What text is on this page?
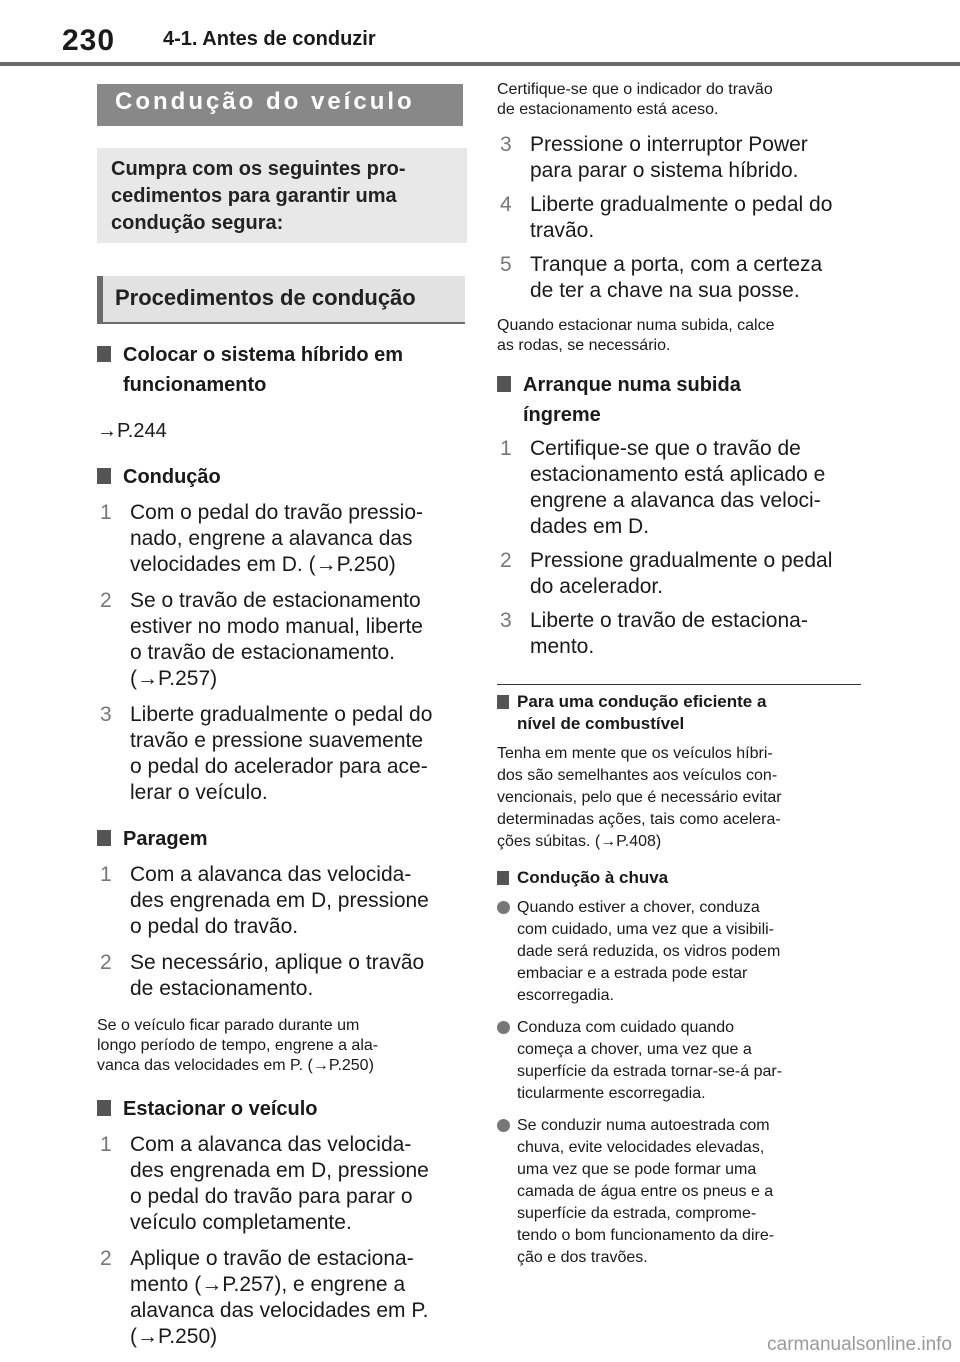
230 4-1. Antes de conduzir
Condução do veículo
Cumpra com os seguintes pro-
cedimentos para garantir uma
condução segura:
Procedimentos de condução
Colocar o sistema híbrido em
funcionamento
→P.244
Condução
1 Com o pedal do travão pressio-
nado, engrene a alavanca das
velocidades em D. (→P.250)
2 Se o travão de estacionamento
estiver no modo manual, liberte
o travão de estacionamento.
(→P.257)
3 Liberte gradualmente o pedal do
travão e pressione suavemente
o pedal do acelerador para ace-
lerar o veículo.
Paragem
1 Com a alavanca das velocida-
des engrenada em D, pressione
o pedal do travão.
2 Se necessário, aplique o travão
de estacionamento.
Se o veículo ficar parado durante um
longo período de tempo, engrene a ala-
vanca das velocidades em P. (→P.250)
Estacionar o veículo
1 Com a alavanca das velocida-
des engrenada em D, pressione
o pedal do travão para parar o
veículo completamente.
2 Aplique o travão de estaciona-
mento (→P.257), e engrene a
alavanca das velocidades em P.
(→P.250)
Certifique-se que o indicador do travão
de estacionamento está aceso.
3 Pressione o interruptor Power
para parar o sistema híbrido.
4 Liberte gradualmente o pedal do
travão.
5 Tranque a porta, com a certeza
de ter a chave na sua posse.
Quando estacionar numa subida, calce
as rodas, se necessário.
Arranque numa subida
íngreme
1 Certifique-se que o travão de
estacionamento está aplicado e
engrene a alavanca das veloci-
dades em D.
2 Pressione gradualmente o pedal
do acelerador.
3 Liberte o travão de estaciona-
mento.
Para uma condução eficiente a
nível de combustível
Tenha em mente que os veículos híbri-
dos são semelhantes aos veículos con-
vencionais, pelo que é necessário evitar
determinadas ações, tais como acelera-
ções súbitas. (→P.408)
Condução à chuva
Quando estiver a chover, conduza
com cuidado, uma vez que a visibili-
dade será reduzida, os vidros podem
embaciar e a estrada pode estar
escorregadia.
Conduza com cuidado quando
começa a chover, uma vez que a
superfície da estrada tornar-se-á par-
ticularmente escorregadia.
Se conduzir numa autoestrada com
chuva, evite velocidades elevadas,
uma vez que se pode formar uma
camada de água entre os pneus e a
superfície da estrada, comprome-
tendo o bom funcionamento da dire-
ção e dos travões.
carmanualsonline.info
